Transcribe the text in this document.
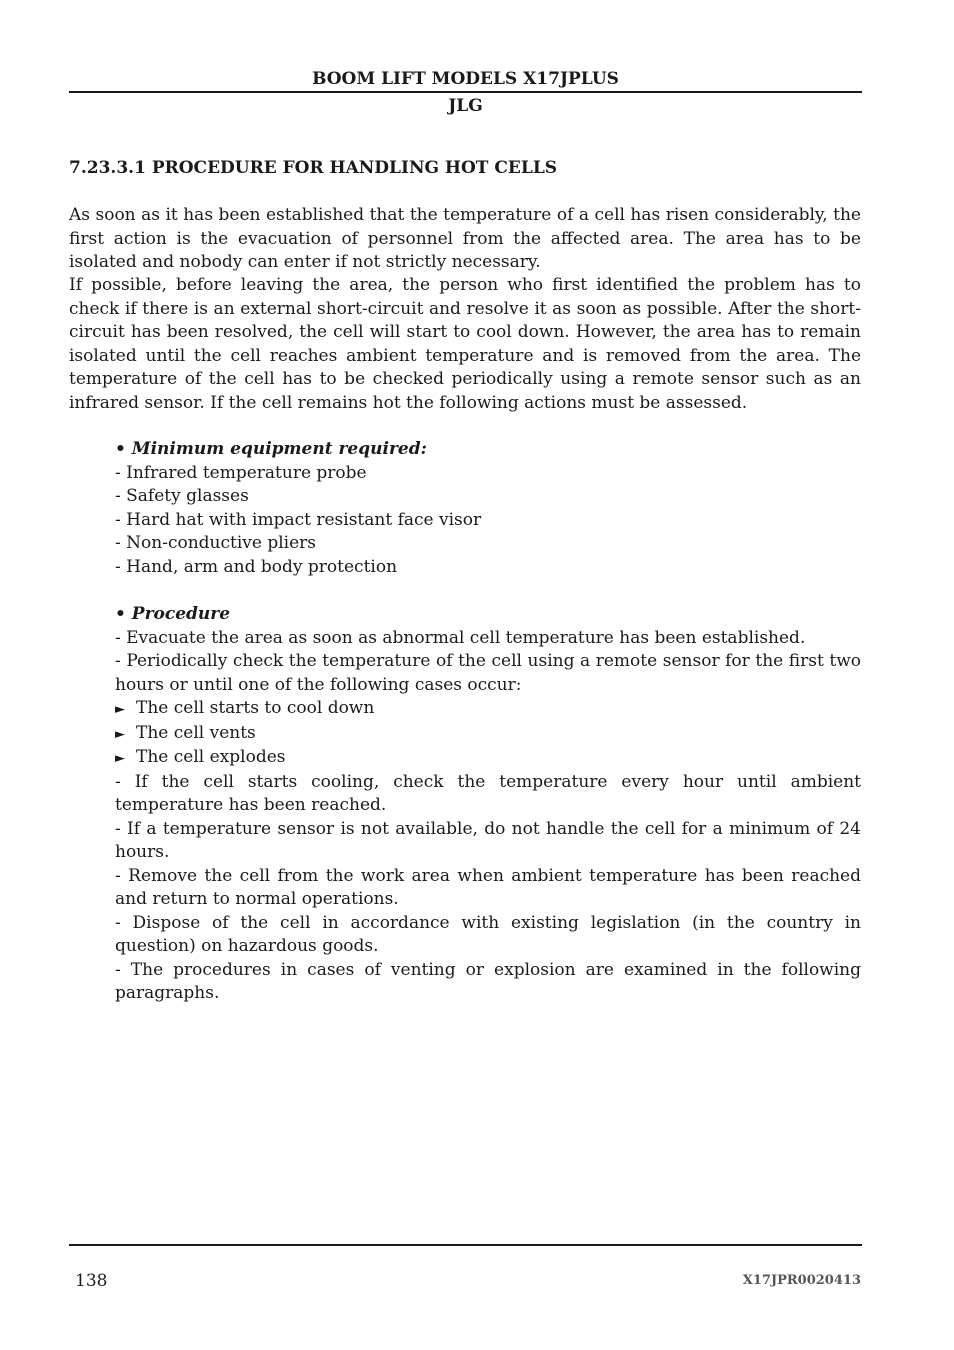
BOOM LIFT MODELS X17JPLUS
JLG
7.23.3.1 PROCEDURE FOR HANDLING HOT CELLS

As soon as it has been established that the temperature of a cell has risen considerably, the first action is the evacuation of personnel from the affected area. The area has to be isolated and nobody can enter if not strictly necessary.

If possible, before leaving the area, the person who first identified the problem has to check if there is an external short-circuit and resolve it as soon as possible. After the short-circuit has been resolved, the cell will start to cool down. However, the area has to remain isolated until the cell reaches ambient temperature and is removed from the area. The temperature of the cell has to be checked periodically using a remote sensor such as an infrared sensor. If the cell remains hot the following actions must be assessed.

• Minimum equipment required:
- Infrared temperature probe
- Safety glasses
- Hard hat with impact resistant face visor
- Non-conductive pliers
- Hand, arm and body protection
• Procedure
- Evacuate the area as soon as abnormal cell temperature has been established.
- Periodically check the temperature of the cell using a remote sensor for the first two hours or until one of the following cases occur:
► The cell starts to cool down
► The cell vents
► The cell explodes
- If the cell starts cooling, check the temperature every hour until ambient temperature has been reached.
- If a temperature sensor is not available, do not handle the cell for a minimum of 24 hours.
- Remove the cell from the work area when ambient temperature has been reached and return to normal operations.
- Dispose of the cell in accordance with existing legislation (in the country in question) on hazardous goods.
- The procedures in cases of venting or explosion are examined in the following paragraphs.
138	X17JPR0020413
